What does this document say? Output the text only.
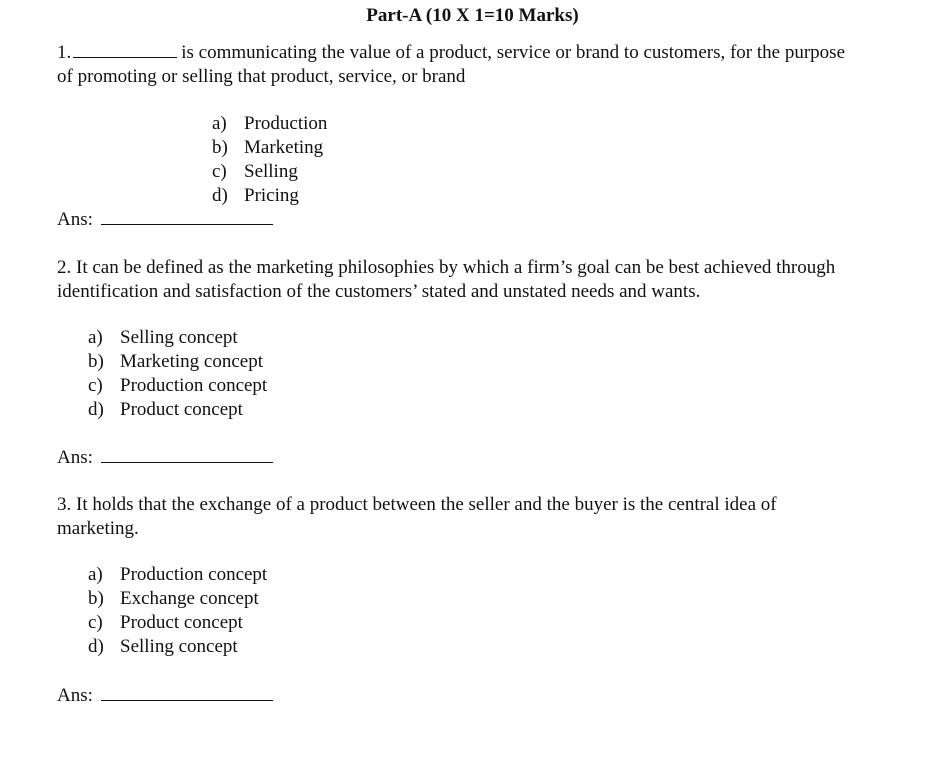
Part-A (10 X 1=10 Marks)
1.	is communicating the value of a product, service or brand to customers, for the purpose of promoting or selling that product, service, or brand
a) Production
b) Marketing
c) Selling
d) Pricing
Ans:
2. It can be defined as the marketing philosophies by which a firm’s goal can be best achieved through identification and satisfaction of the customers’ stated and unstated needs and wants.
a) Selling concept
b) Marketing concept
c) Production concept
d) Product concept
Ans:
3. It holds that the exchange of a product between the seller and the buyer is the central idea of marketing.
a) Production concept
b) Exchange concept
c) Product concept
d) Selling concept
Ans:
